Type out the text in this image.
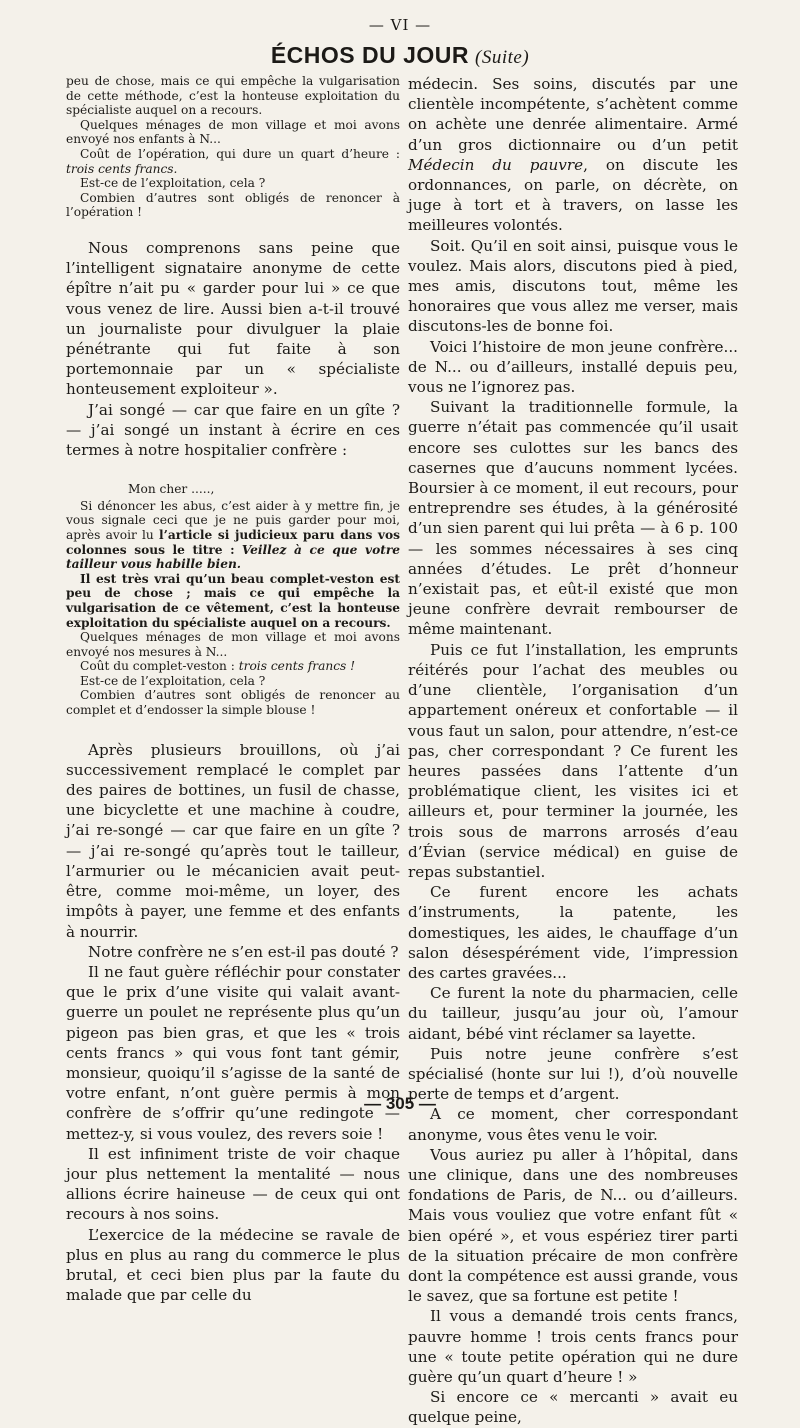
— VI —
ÉCHOS DU JOUR (Suite)

peu de chose, mais ce qui empêche la vulgarisation de cette méthode, c’est la honteuse exploitation du spécialiste auquel on a recours.

Quelques ménages de mon village et moi avons envoyé nos enfants à N...

Coût de l’opération, qui dure un quart d’heure : trois cents francs.

Est-ce de l’exploitation, cela ?

Combien d’autres sont obligés de renoncer à l’opération !

Nous comprenons sans peine que l’intelligent signataire anonyme de cette épître n’ait pu « garder pour lui » ce que vous venez de lire. Aussi bien a-t-il trouvé un journaliste pour divulguer la plaie pénétrante qui fut faite à son portemonnaie par un « spécialiste honteusement exploiteur ».

J’ai songé — car que faire en un gîte ? — j’ai songé un instant à écrire en ces termes à notre hospitalier confrère :

Mon cher .....,

Si dénoncer les abus, c’est aider à y mettre fin, je vous signale ceci que je ne puis garder pour moi, après avoir lu l’article si judicieux paru dans vos colonnes sous le titre : Veillez à ce que votre tailleur vous habille bien.

Il est très vrai qu’un beau complet-veston est peu de chose ; mais ce qui empêche la vulgarisation de ce vêtement, c’est la honteuse exploitation du spécialiste auquel on a recours.

Quelques ménages de mon village et moi avons envoyé nos mesures à N...

Coût du complet-veston : trois cents francs !

Est-ce de l’exploitation, cela ?

Combien d’autres sont obligés de renoncer au complet et d’endosser la simple blouse !

Après plusieurs brouillons, où j’ai successivement remplacé le complet par des paires de bottines, un fusil de chasse, une bicyclette et une machine à coudre, j’ai re-songé — car que faire en un gîte ? — j’ai re-songé qu’après tout le tailleur, l’armurier ou le mécanicien avait peut-être, comme moi-même, un loyer, des impôts à payer, une femme et des enfants à nourrir.

Notre confrère ne s’en est-il pas douté ?

Il ne faut guère réfléchir pour constater que le prix d’une visite qui valait avant-guerre un poulet ne représente plus qu’un pigeon pas bien gras, et que les « trois cents francs » qui vous font tant gémir, monsieur, quoiqu’il s’agisse de la santé de votre enfant, n’ont guère permis à mon confrère de s’offrir qu’une redingote — mettez-y, si vous voulez, des revers soie !

Il est infiniment triste de voir chaque jour plus nettement la mentalité — nous allions écrire haineuse — de ceux qui ont recours à nos soins.

L’exercice de la médecine se ravale de plus en plus au rang du commerce le plus brutal, et ceci bien plus par la faute du malade que par celle du

médecin. Ses soins, discutés par une clientèle incompétente, s’achètent comme on achète une denrée alimentaire. Armé d’un gros dictionnaire ou d’un petit Médecin du pauvre, on discute les ordonnances, on parle, on décrète, on juge à tort et à travers, on lasse les meilleures volontés.

Soit. Qu’il en soit ainsi, puisque vous le voulez. Mais alors, discutons pied à pied, mes amis, discutons tout, même les honoraires que vous allez me verser, mais discutons-les de bonne foi.

Voici l’histoire de mon jeune confrère... de N... ou d’ailleurs, installé depuis peu, vous ne l’ignorez pas.

Suivant la traditionnelle formule, la guerre n’était pas commencée qu’il usait encore ses culottes sur les bancs des casernes que d’aucuns nomment lycées. Boursier à ce moment, il eut recours, pour entreprendre ses études, à la générosité d’un sien parent qui lui prêta — à 6 p. 100 — les sommes nécessaires à ses cinq années d’études. Le prêt d’honneur n’existait pas, et eût-il existé que mon jeune confrère devrait rembourser de même maintenant.

Puis ce fut l’installation, les emprunts réitérés pour l’achat des meubles ou d’une clientèle, l’organisation d’un appartement onéreux et confortable — il vous faut un salon, pour attendre, n’est-ce pas, cher correspondant ? Ce furent les heures passées dans l’attente d’un problématique client, les visites ici et ailleurs et, pour terminer la journée, les trois sous de marrons arrosés d’eau d’Évian (service médical) en guise de repas substantiel.

Ce furent encore les achats d’instruments, la patente, les domestiques, les aides, le chauffage d’un salon désespérément vide, l’impression des cartes gravées...

Ce furent la note du pharmacien, celle du tailleur, jusqu’au jour où, l’amour aidant, bébé vint réclamer sa layette.

Puis notre jeune confrère s’est spécialisé (honte sur lui !), d’où nouvelle perte de temps et d’argent.

A ce moment, cher correspondant anonyme, vous êtes venu le voir.

Vous auriez pu aller à l’hôpital, dans une clinique, dans une des nombreuses fondations de Paris, de N... ou d’ailleurs. Mais vous vouliez que votre enfant fût « bien opéré », et vous espériez tirer parti de la situation précaire de mon confrère dont la compétence est aussi grande, vous le savez, que sa fortune est petite !

Il vous a demandé trois cents francs, pauvre homme ! trois cents francs pour une « toute petite opération qui ne dure guère qu’un quart d’heure ! »

Si encore ce « mercanti » avait eu quelque peine,

— 305 —
